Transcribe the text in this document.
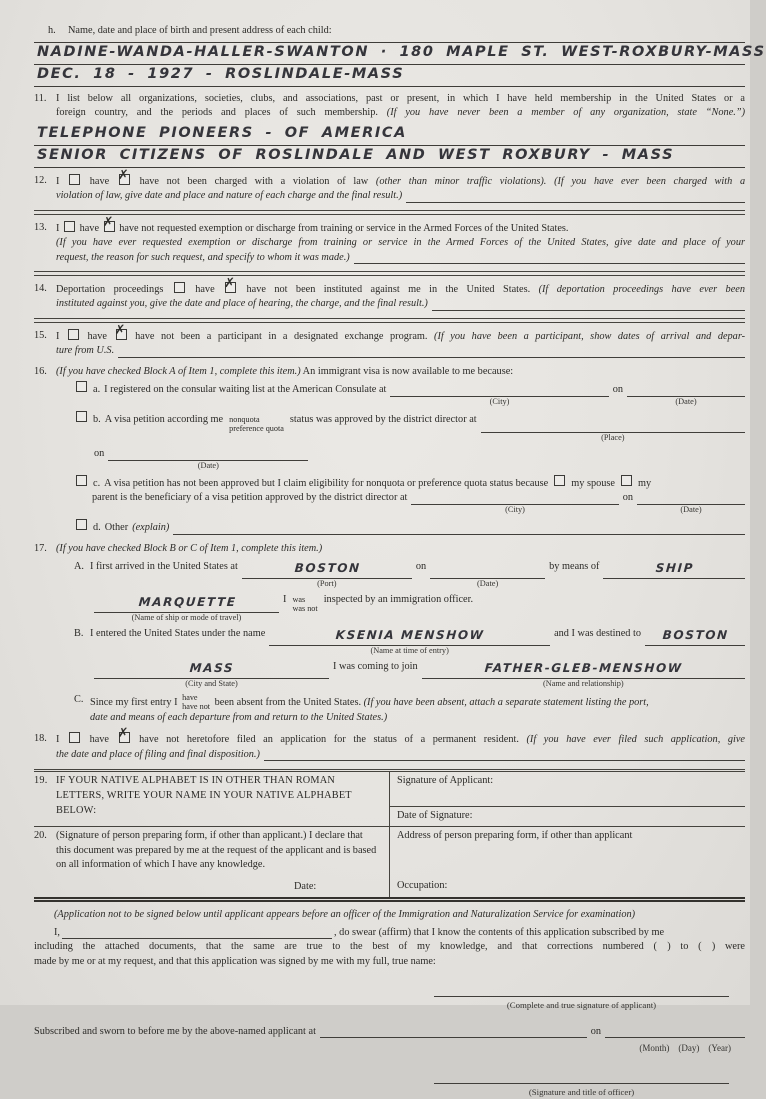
h. Name, date and place of birth and present address of each child:
NADINE-WANDA-HALLER-SWANTON · 180 MAPLE ST. WEST-ROXBURY-MASS
DEC. 18 - 1927 - ROSLINDALE-MASS
11. I list below all organizations, societies, clubs, and associations, past or present, in which I have held membership in the United States or a
foreign country, and the periods and places of such membership. (If you have never been a member of any organization, state “None.”)
TELEPHONE PIONEERS - OF AMERICA
SENIOR CITIZENS OF ROSLINDALE AND WEST ROXBURY - MASS
12. I	have ✗ have not been charged with a violation of law (other than minor traffic violations). (If you have ever been charged with a
violation of law, give date and place and nature of each charge and the final result.)
13. I have ✗ have not requested exemption or discharge from training or service in the Armed Forces of the United States.
(If you have ever requested exemption or discharge from training or service in the Armed Forces of the United States, give date and place of your
request, the reason for such request, and specify to whom it was made.)
14. Deportation proceedings	have ✗ have not been instituted against me in the United States. (If deportation proceedings have ever been
instituted against you, give the date and place of hearing, the charge, and the final result.)
15. I	have ✗ have not been a participant in a designated exchange program. (If you have been a participant, show dates of arrival and depar-
ture from U.S.
16. (If you have checked Block A of Item 1, complete this item.) An immigrant visa is now available to me because:
a. I registered on the consular waiting list at the American Consulate at
(City)
on
(Date)
b. A visa petition according me nonquota
preference quota
status was approved by the district director at
(Place)
on
(Date)
c. A visa petition has not been approved but I claim eligibility for nonquota or preference quota status because my spouse my
parent is the beneficiary of a visa petition approved by the district director at
(City)
on
(Date)
d. Other (explain)
17. (If you have checked Block B or C of Item 1, complete this item.)
A. I first arrived in the United States at	BOSTON
(Port)
on
(Date)
by means of	SHIP
MARQUETTE
(Name of ship or mode of travel)
I was
was not
inspected by an immigration officer.
B. I entered the United States under the name	KSENIA MENSHOW
(Name at time of entry)
and I was destined to	BOSTON
MASS
(City and State)
I was coming to join	FATHER-GLEB-MENSHOW
(Name and relationship)
C. Since my first entry I have
have not been absent from the United States. (If you have been absent, attach a separate statement listing the port,
date and means of each departure from and return to the United States.)
18. I	have ✗ have not heretofore filed an application for the status of a permanent resident. (If you have ever filed such application, give
the date and place of filing and final disposition.)
19. IF YOUR NATIVE ALPHABET IS IN OTHER THAN ROMAN LETTERS, WRITE YOUR NAME IN YOUR NATIVE ALPHABET BELOW:
Signature of Applicant:
Date of Signature:
20. (Signature of person preparing form, if other than applicant.) I declare that this document was prepared by me at the request of the applicant and is based on all information of which I have any knowledge.
Date:
Address of person preparing form, if other than applicant
Occupation:
(Application not to be signed below until applicant appears before an officer of the Immigration and Naturalization Service for examination)
I,	, do swear (affirm) that I know the contents of this application subscribed by me
including the attached documents, that the same are true to the best of my knowledge, and that corrections numbered (  ) to (  ) were
made by me or at my request, and that this application was signed by me with my full, true name:
(Complete and true signature of applicant)
Subscribed and sworn to before me by the above-named applicant at	on
(Month)  (Day)  (Year)
(Signature and title of officer)
